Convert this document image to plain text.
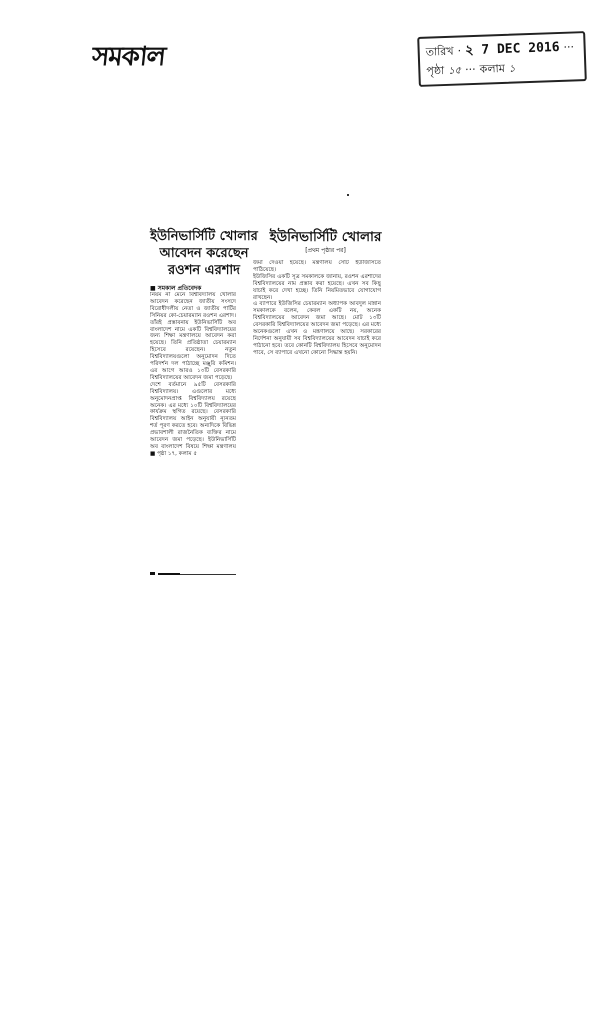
সমকাল	তারিখ · ২ 7 DEC 2016 ···
পৃষ্ঠা ১৫ ··· কলাম ১
ইউনিভার্সিটি খোলার আবেদন করেছেন রওশন এরশাদ
■ সমকাল প্রতিবেদক

নিয়ম না মেনে বিশ্ববিদ্যালয় খোলার আবেদন করেছেন জাতীয় সংসদে বিরোধীদলীয় নেতা ও জাতীয় পার্টির সিনিয়র কো-চেয়ারম্যান রওশন এরশাদ। তাঁরই প্রস্তাবনায় ইউনিভার্সিটি অব বাংলাদেশ নামে একটি বিশ্ববিদ্যালয়ের জন্য শিক্ষা মন্ত্রণালয়ে আবেদন করা হয়েছে। তিনি প্রতিষ্ঠাতা চেয়ারম্যান হিসেবে রয়েছেন। নতুন বিশ্ববিদ্যালয়গুলো অনুমোদন দিতে পরিদর্শন দল পাঠাচ্ছে মঞ্জুরি কমিশন। এর আগে আরও ১৩টি বেসরকারি বিশ্ববিদ্যালয়ের আবেদন জমা পড়েছে।

দেশে বর্তমানে ৯৫টি বেসরকারি বিশ্ববিদ্যালয়। এগুলোর মধ্যে অনুমোদনপ্রাপ্ত বিশ্ববিদ্যালয় রয়েছে অনেক। এর মধ্যে ১০টি বিশ্ববিদ্যালয়ের কার্যক্রম স্থগিত রয়েছে। বেসরকারি বিশ্ববিদ্যালয় আইন অনুযায়ী ন্যূনতম শর্ত পূরণ করতে হবে। অন্যদিকে বিভিন্ন প্রভাবশালী রাজনৈতিক ব্যক্তির নামে আবেদন জমা পড়েছে। ইউনিভার্সিটি অব বাংলাদেশ বিষয়ে শিক্ষা মন্ত্রণালয় ■ পৃষ্ঠা ১৭, কলাম ৫

ইউনিভার্সিটি খোলার
[প্রথম পৃষ্ঠার পর]

জমা দেওয়া হয়েছে। মন্ত্রণালয় সেটি ইউজিসিতে পাঠিয়েছে।

ইউজিসির একটি সূত্র সমকালকে জানায়, রওশন এরশাদের বিশ্ববিদ্যালয়ের নাম প্রস্তাব করা হয়েছে। এখন সব কিছু যাচাই করে দেখা হচ্ছে। তিনি নিয়মিতভাবে যোগাযোগ রাখছেন।

এ ব্যাপারে ইউজিসির চেয়ারম্যান অধ্যাপক আবদুল মান্নান সমকালকে বলেন, কেবল একটি নয়, অনেক বিশ্ববিদ্যালয়ের আবেদন জমা আছে। মোট ১৩টি বেসরকারি বিশ্ববিদ্যালয়ের আবেদন জমা পড়েছে। এর মধ্যে অনেকগুলো এখন ও মন্ত্রণালয়ে আছে। সরকারের নির্দেশনা অনুযায়ী সব বিশ্ববিদ্যালয়ের আবেদন যাচাই করে পাঠানো হবে। তবে কোনটি বিশ্ববিদ্যালয় হিসেবে অনুমোদন পাবে, সে ব্যাপারে এখনো কোনো সিদ্ধান্ত হয়নি।
